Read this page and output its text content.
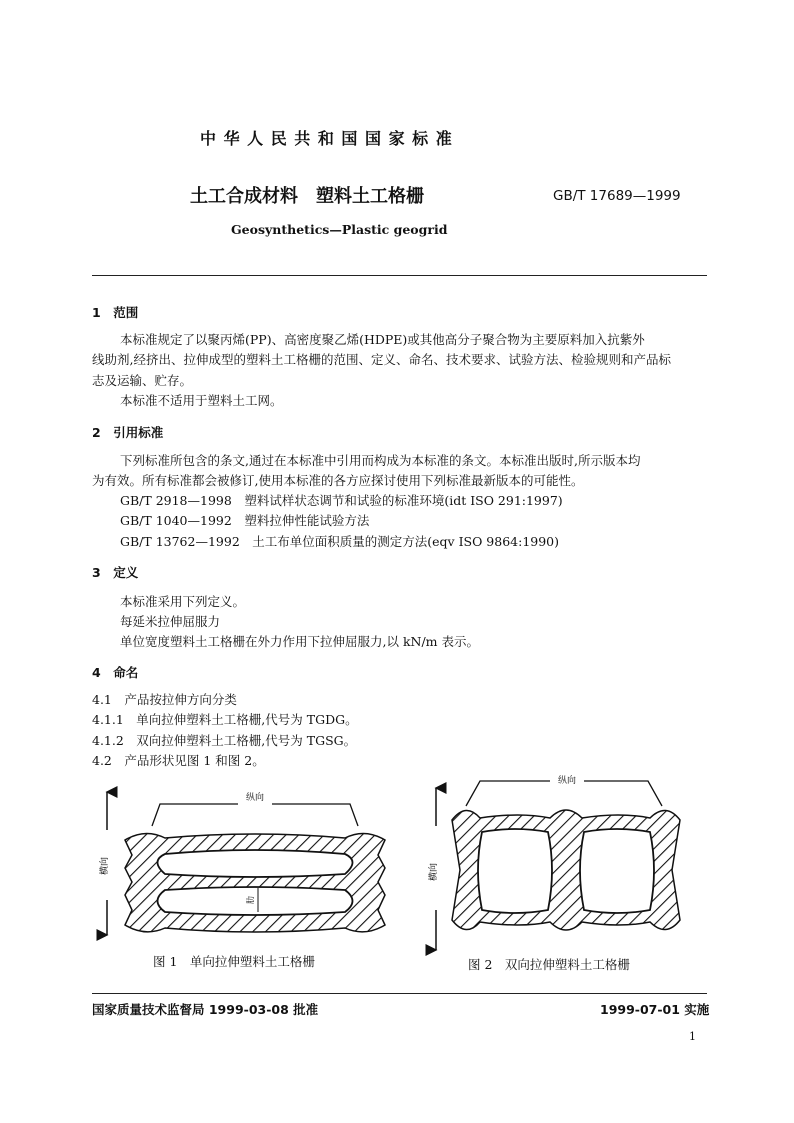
中 华 人 民 共 和 国 国 家 标 准
土工合成材料　塑料土工格栅	GB/T 17689—1999
Geosynthetics—Plastic geogrid
1　范围
本标准规定了以聚丙烯(PP)、高密度聚乙烯(HDPE)或其他高分子聚合物为主要原料加入抗紫外
线助剂,经挤出、拉伸成型的塑料土工格栅的范围、定义、命名、技术要求、试验方法、检验规则和产品标
志及运输、贮存。
本标准不适用于塑料土工网。
2　引用标准
下列标准所包含的条文,通过在本标准中引用而构成为本标准的条文。本标准出版时,所示版本均
为有效。所有标准都会被修订,使用本标准的各方应探讨使用下列标准最新版本的可能性。
GB/T 2918—1998　塑料试样状态调节和试验的标准环境(idt ISO 291:1997)
GB/T 1040—1992　塑料拉伸性能试验方法
GB/T 13762—1992　土工布单位面积质量的测定方法(eqv ISO 9864:1990)
3　定义
本标准采用下列定义。
每延米拉伸屈服力
单位宽度塑料土工格栅在外力作用下拉伸屈服力,以 kN/m 表示。
4　命名
4.1　产品按拉伸方向分类
4.1.1　单向拉伸塑料土工格栅,代号为 TGDG。
4.1.2　双向拉伸塑料土工格栅,代号为 TGSG。
4.2　产品形状见图 1 和图 2。
横向
纵向
肋
横向
纵向
图 1　单向拉伸塑料土工格栅	图 2　双向拉伸塑料土工格栅
国家质量技术监督局 1999-03-08 批准	1999-07-01 实施
1
